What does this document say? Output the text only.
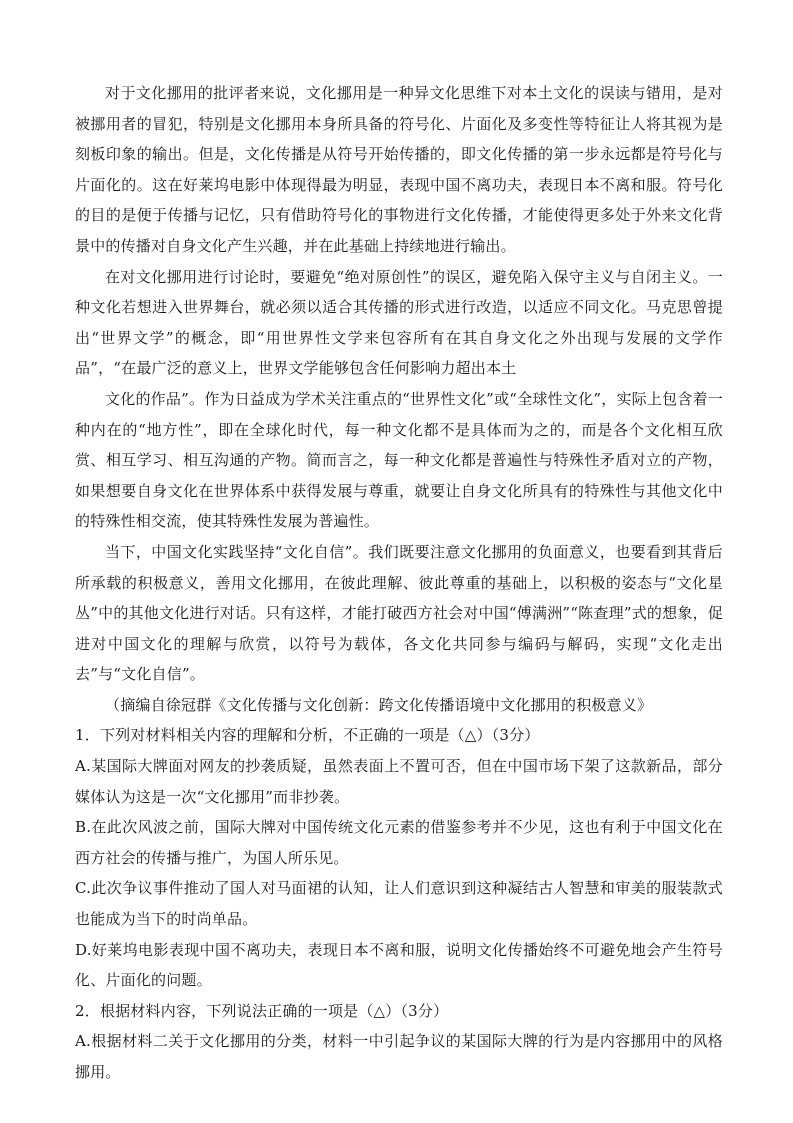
对于文化挪用的批评者来说，文化挪用是一种异文化思维下对本土文化的误读与错用，是对被挪用者的冒犯，特别是文化挪用本身所具备的符号化、片面化及多变性等特征让人将其视为是刻板印象的输出。但是，文化传播是从符号开始传播的，即文化传播的第一步永远都是符号化与片面化的。这在好莱坞电影中体现得最为明显，表现中国不离功夫，表现日本不离和服。符号化的目的是便于传播与记忆，只有借助符号化的事物进行文化传播，才能使得更多处于外来文化背景中的传播对自身文化产生兴趣，并在此基础上持续地进行输出。

在对文化挪用进行讨论时，要避免“绝对原创性”的误区，避免陷入保守主义与自闭主义。一种文化若想进入世界舞台，就必须以适合其传播的形式进行改造，以适应不同文化。马克思曾提出“世界文学”的概念，即“用世界性文学来包容所有在其自身文化之外出现与发展的文学作品”，“在最广泛的意义上，世界文学能够包含任何影响力超出本土

文化的作品”。作为日益成为学术关注重点的“世界性文化”或“全球性文化”，实际上包含着一种内在的“地方性”，即在全球化时代，每一种文化都不是具体而为之的，而是各个文化相互欣赏、相互学习、相互沟通的产物。简而言之，每一种文化都是普遍性与特殊性矛盾对立的产物，如果想要自身文化在世界体系中获得发展与尊重，就要让自身文化所具有的特殊性与其他文化中的特殊性相交流，使其特殊性发展为普遍性。

当下，中国文化实践坚持“文化自信”。我们既要注意文化挪用的负面意义，也要看到其背后所承载的积极意义，善用文化挪用，在彼此理解、彼此尊重的基础上，以积极的姿态与“文化星丛”中的其他文化进行对话。只有这样，才能打破西方社会对中国“傅满洲”“陈查理”式的想象，促进对中国文化的理解与欣赏，以符号为载体，各文化共同参与编码与解码，实现“文化走出去”与“文化自信”。

（摘编自徐冠群《文化传播与文化创新：跨文化传播语境中文化挪用的积极意义》

1．下列对材料相关内容的理解和分析，不正确的一项是（△）（3分）

A.某国际大牌面对网友的抄袭质疑，虽然表面上不置可否，但在中国市场下架了这款新品，部分媒体认为这是一次“文化挪用”而非抄袭。

B.在此次风波之前，国际大牌对中国传统文化元素的借鉴参考并不少见，这也有利于中国文化在西方社会的传播与推广，为国人所乐见。

C.此次争议事件推动了国人对马面裙的认知，让人们意识到这种凝结古人智慧和审美的服装款式也能成为当下的时尚单品。

D.好莱坞电影表现中国不离功夫，表现日本不离和服，说明文化传播始终不可避免地会产生符号化、片面化的问题。

2．根据材料内容，下列说法正确的一项是（△）（3分）

A.根据材料二关于文化挪用的分类，材料一中引起争议的某国际大牌的行为是内容挪用中的风格挪用。
